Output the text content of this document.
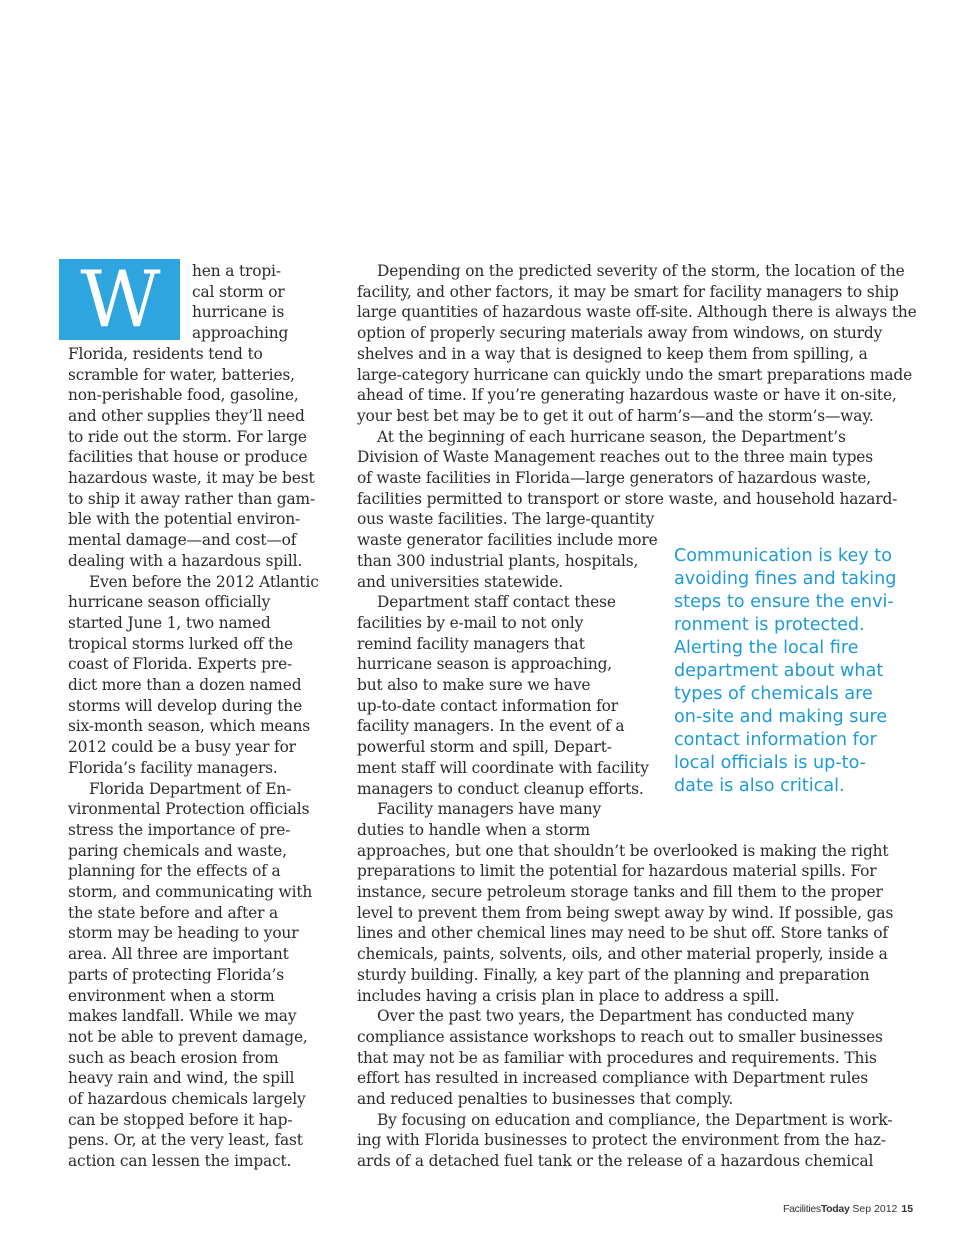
W	hen a tropi-
cal storm or
hurricane is
approaching
Florida, residents tend to
scramble for water, batteries,
non-perishable food, gasoline,
and other supplies they’ll need
to ride out the storm. For large
facilities that house or produce
hazardous waste, it may be best
to ship it away rather than gam-
ble with the potential environ-
mental damage—and cost—of
dealing with a hazardous spill.
Even before the 2012 Atlantic
hurricane season officially
started June 1, two named
tropical storms lurked off the
coast of Florida. Experts pre-
dict more than a dozen named
storms will develop during the
six-month season, which means
2012 could be a busy year for
Florida’s facility managers.
Florida Department of En-
vironmental Protection officials
stress the importance of pre-
paring chemicals and waste,
planning for the effects of a
storm, and communicating with
the state before and after a
storm may be heading to your
area. All three are important
parts of protecting Florida’s
environment when a storm
makes landfall. While we may
not be able to prevent damage,
such as beach erosion from
heavy rain and wind, the spill
of hazardous chemicals largely
can be stopped before it hap-
pens. Or, at the very least, fast
action can lessen the impact.
Depending on the predicted severity of the storm, the location of the
facility, and other factors, it may be smart for facility managers to ship
large quantities of hazardous waste off-site. Although there is always the
option of properly securing materials away from windows, on sturdy
shelves and in a way that is designed to keep them from spilling, a
large-category hurricane can quickly undo the smart preparations made
ahead of time. If you’re generating hazardous waste or have it on-site,
your best bet may be to get it out of harm’s—and the storm’s—way.
At the beginning of each hurricane season, the Department’s
Division of Waste Management reaches out to the three main types
of waste facilities in Florida—large generators of hazardous waste,
facilities permitted to transport or store waste, and household hazard-
ous waste facilities. The large-quantity
waste generator facilities include more
than 300 industrial plants, hospitals,
and universities statewide.
Department staff contact these
facilities by e-mail to not only
remind facility managers that
hurricane season is approaching,
but also to make sure we have
up-to-date contact information for
facility managers. In the event of a
powerful storm and spill, Depart-
ment staff will coordinate with facility
managers to conduct cleanup efforts.
Facility managers have many
duties to handle when a storm
approaches, but one that shouldn’t be overlooked is making the right
preparations to limit the potential for hazardous material spills. For
instance, secure petroleum storage tanks and fill them to the proper
level to prevent them from being swept away by wind. If possible, gas
lines and other chemical lines may need to be shut off. Store tanks of
chemicals, paints, solvents, oils, and other material properly, inside a
sturdy building. Finally, a key part of the planning and preparation
includes having a crisis plan in place to address a spill.
Over the past two years, the Department has conducted many
compliance assistance workshops to reach out to smaller businesses
that may not be as familiar with procedures and requirements. This
effort has resulted in increased compliance with Department rules
and reduced penalties to businesses that comply.
By focusing on education and compliance, the Department is work-
ing with Florida businesses to protect the environment from the haz-
ards of a detached fuel tank or the release of a hazardous chemical
Communication is key to
avoiding fines and taking
steps to ensure the envi-
ronment is protected.
Alerting the local fire
department about what
types of chemicals are
on-site and making sure
contact information for
local officials is up-to-
date is also critical.
FacilitiesToday Sep 2012 15
